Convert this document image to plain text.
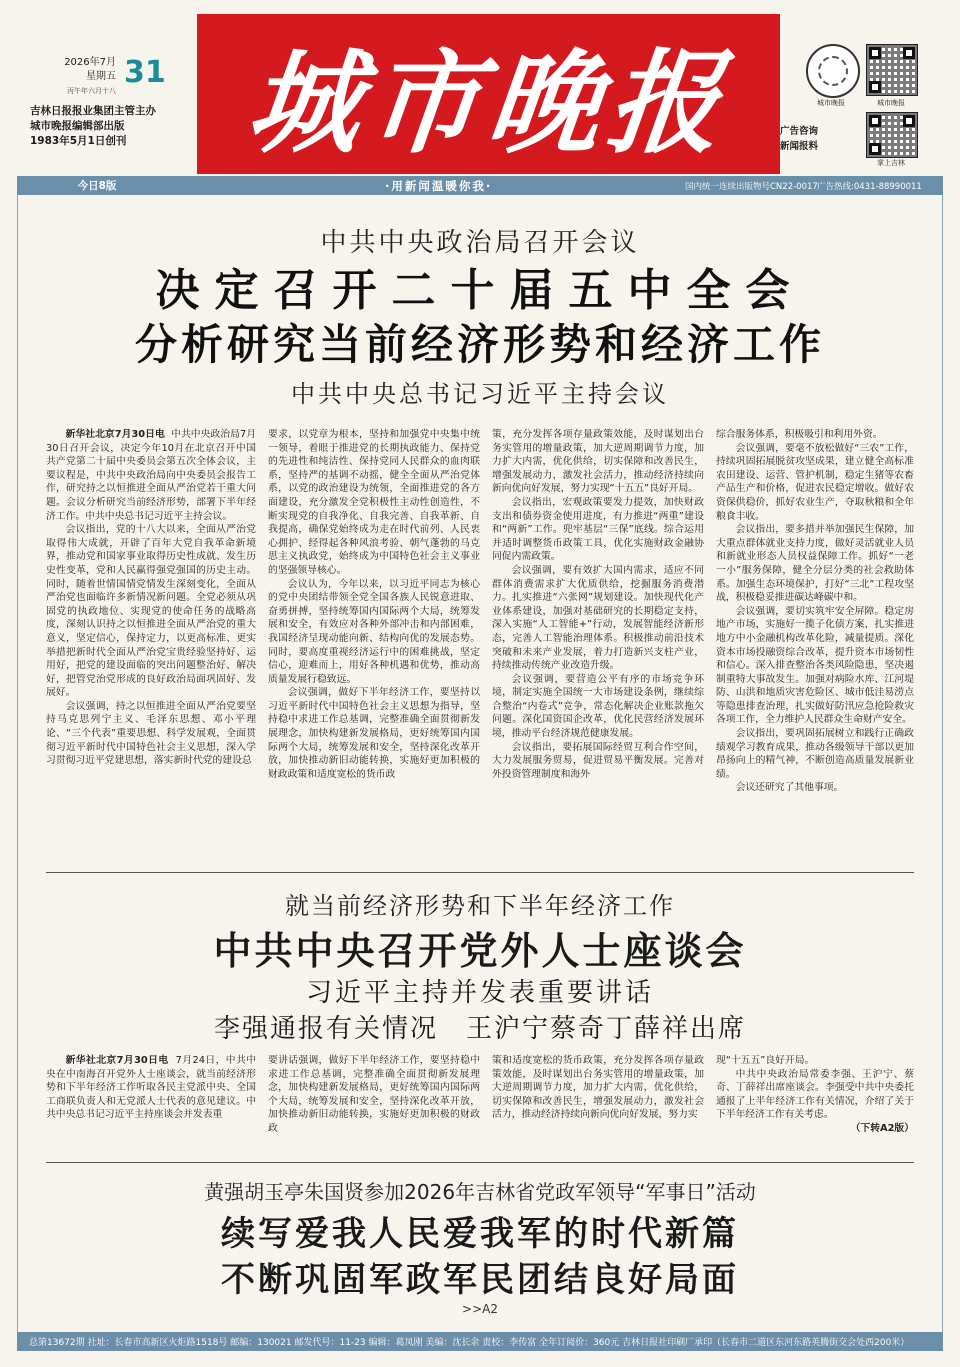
2026年7月
星期五
丙午年六月十八
31
吉林日报报业集团主管主办
城市晚报编辑部出版
1983年5月1日创刊	城市晚报	城市晚报	城市晚报
广告咨询
新闻报料
掌上吉林
今日8版	·用新闻温暖你我·	国内统一连续出版物号CN22-0017 广告热线:0431-88990011
中共中央政治局召开会议
决定召开二十届五中全会
分析研究当前经济形势和经济工作
中共中央总书记习近平主持会议

新华社北京7月30日电 中共中央政治局7月30日召开会议，决定今年10月在北京召开中国共产党第二十届中央委员会第五次全体会议，主要议程是，中共中央政治局向中央委员会报告工作，研究持之以恒推进全面从严治党若干重大问题。会议分析研究当前经济形势，部署下半年经济工作。中共中央总书记习近平主持会议。

会议指出，党的十八大以来，全面从严治党取得伟大成就，开辟了百年大党自我革命新境界，推动党和国家事业取得历史性成就、发生历史性变革，党和人民赢得强党强国的历史主动。同时，随着世情国情党情发生深刻变化，全面从严治党也面临许多新情况新问题。全党必须从巩固党的执政地位、实现党的使命任务的战略高度，深刻认识持之以恒推进全面从严治党的重大意义，坚定信心，保持定力，以更高标准、更实举措把新时代全面从严治党宝贵经验坚持好、运用好，把党的建设面临的突出问题整治好、解决好，把管党治党形成的良好政治局面巩固好、发展好。

会议强调，持之以恒推进全面从严治党要坚持马克思列宁主义、毛泽东思想、邓小平理论、“三个代表”重要思想、科学发展观，全面贯彻习近平新时代中国特色社会主义思想，深入学习贯彻习近平党建思想，落实新时代党的建设总

要求，以党章为根本，坚持和加强党中央集中统一领导，着眼于推进党的长期执政能力、保持党的先进性和纯洁性、保持党同人民群众的血肉联系，坚持严的基调不动摇，健全全面从严治党体系，以党的政治建设为统领，全面推进党的各方面建设，充分激发全党积极性主动性创造性，不断实现党的自我净化、自我完善、自我革新、自我提高，确保党始终成为走在时代前列、人民衷心拥护、经得起各种风浪考验、朝气蓬勃的马克思主义执政党，始终成为中国特色社会主义事业的坚强领导核心。

会议认为，今年以来，以习近平同志为核心的党中央团结带领全党全国各族人民锐意进取、奋勇拼搏，坚持统筹国内国际两个大局，统筹发展和安全，有效应对各种外部冲击和内部困难，我国经济呈现动能向新、结构向优的发展态势。同时，要高度重视经济运行中的困难挑战，坚定信心，迎难而上，用好各种机遇和优势，推动高质量发展行稳致远。

会议强调，做好下半年经济工作，要坚持以习近平新时代中国特色社会主义思想为指导，坚持稳中求进工作总基调，完整准确全面贯彻新发展理念，加快构建新发展格局，更好统筹国内国际两个大局，统筹发展和安全，坚持深化改革开放，加快推动新旧动能转换，实施好更加积极的财政政策和适度宽松的货币政

策，充分发挥各项存量政策效能，及时谋划出台务实管用的增量政策，加大逆周期调节力度，加力扩大内需，优化供给，切实保障和改善民生，增强发展动力，激发社会活力，推动经济持续向新向优向好发展，努力实现“十五五”良好开局。

会议指出，宏观政策要发力提效，加快财政支出和债券资金使用进度，有力推进“两重”建设和“两新”工作。兜牢基层“三保”底线。综合运用并适时调整货币政策工具，优化实施财政金融协同促内需政策。

会议强调，要有效扩大国内需求，适应不同群体消费需求扩大优质供给，挖掘服务消费潜力。扎实推进“六张网”规划建设。加快现代化产业体系建设，加强对基础研究的长期稳定支持，深入实施“人工智能+”行动，发展智能经济新形态，完善人工智能治理体系。积极推动前沿技术突破和未来产业发展，着力打造新兴支柱产业，持续推动传统产业改造升级。

会议强调，要营造公平有序的市场竞争环境，制定实施全国统一大市场建设条例，继续综合整治“内卷式”竞争，常态化解决企业账款拖欠问题。深化国资国企改革，优化民营经济发展环境，推动平台经济规范健康发展。

会议指出，要拓展国际经贸互利合作空间，大力发展服务贸易，促进贸易平衡发展。完善对外投资管理制度和海外

综合服务体系，积极吸引和利用外资。

会议强调，要毫不放松做好“三农”工作，持续巩固拓展脱贫攻坚成果，建立健全高标准农田建设、运营、管护机制，稳定生猪等农畜产品生产和价格，促进农民稳定增收。做好农资保供稳价，抓好农业生产，夺取秋粮和全年粮食丰收。

会议指出，要多措并举加强民生保障，加大重点群体就业支持力度，做好灵活就业人员和新就业形态人员权益保障工作。抓好“一老一小”服务保障，健全分层分类的社会救助体系。加强生态环境保护，打好“三北”工程攻坚战，积极稳妥推进碳达峰碳中和。

会议强调，要切实筑牢安全屏障。稳定房地产市场，实施好一揽子化债方案，扎实推进地方中小金融机构改革化险，减量提质。深化资本市场投融资综合改革，提升资本市场韧性和信心。深入排查整治各类风险隐患，坚决遏制重特大事故发生。加强对病险水库、江河堤防、山洪和地质灾害危险区、城市低洼易涝点等隐患排查治理，扎实做好防汛应急抢险救灾各项工作，全力维护人民群众生命财产安全。

会议指出，要巩固拓展树立和践行正确政绩观学习教育成果，推动各级领导干部以更加昂扬向上的精气神，不断创造高质量发展新业绩。

会议还研究了其他事项。

就当前经济形势和下半年经济工作
中共中央召开党外人士座谈会
习近平主持并发表重要讲话
李强通报有关情况　王沪宁蔡奇丁薛祥出席

新华社北京7月30日电 7月24日，中共中央在中南海召开党外人士座谈会，就当前经济形势和下半年经济工作听取各民主党派中央、全国工商联负责人和无党派人士代表的意见建议。中共中央总书记习近平主持座谈会并发表重

要讲话强调，做好下半年经济工作，要坚持稳中求进工作总基调，完整准确全面贯彻新发展理念，加快构建新发展格局，更好统筹国内国际两个大局，统筹发展和安全，坚持深化改革开放，加快推动新旧动能转换，实施好更加积极的财政政

策和适度宽松的货币政策，充分发挥各项存量政策效能，及时谋划出台务实管用的增量政策，加大逆周期调节力度，加力扩大内需，优化供给，切实保障和改善民生，增强发展动力，激发社会活力，推动经济持续向新向优向好发展，努力实

现“十五五”良好开局。

中共中央政治局常委李强、王沪宁、蔡奇、丁薛祥出席座谈会。李强受中共中央委托通报了上半年经济工作有关情况，介绍了关于下半年经济工作有关考虑。

（下转A2版）

黄强胡玉亭朱国贤参加2026年吉林省党政军领导“军事日”活动
续写爱我人民爱我军的时代新篇
不断巩固军政军民团结良好局面
>>A2
总第13672期 社址：长春市高新区火炬路1518号 邮编：130021 邮发代号：11-23 编辑：葛凤刚 美编：沈长余 责校：李传富 全年订阅价：360元 吉林日报社印刷厂承印（长春市二道区东河东路英腾街交会处西200米）
